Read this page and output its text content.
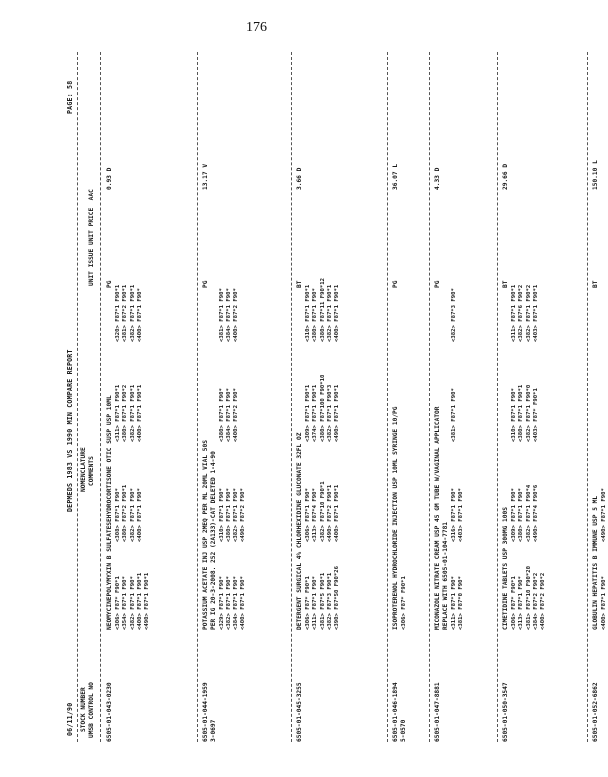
176
06/11/90
DEPMEDS 1983 VS 1990 MIN COMPARE REPORT
PAGE: 58
STOCK NUMBER UMSB CONTROL NO
NOMENCLATURE COMMENTS
UNIT ISSUE UNIT PRICE  AAC
6505-01-043-0230
NEOMYCINEPOLYMYXIN B SULFATESEHYDROCORTISONE OTIC SUSP USP 10ML
PG
0.93 D
<306> F87* F90*1
<354> F87*1 F90*
<382> F87*1 F90*
<400> F87*1 F90*1
<490> F87*1 F90*1
<308> F87*1 F90*
<380> F87*2 F90*1
<382> F87*1 F90*
<400> F87*1 F90*
<311> F87*1 F90*1
<380> F87*1 F90*2
<382> F87*1 F90*1
<400> F87*1 F90*1
<320> F87*1 F90*1
<381> F87*2 F90*1
<382> F87*1 F90*1
<400> F87*1 F90*
6505-01-044-1959
3-0697
POTASSIUM ACETATE INJ USP 2MEQ PER ML 20ML VIAL 50S
PER IG 20-3-2008. 252 (2A133)-CAT DELETED 1-4-90
PG
13.17 V
<329> F87*1 F90*
<382> F87*1 F90*
<384> F87*1 F90*
<400> F87*1 F90*
<310> F87*1 F90*
<380> F87*1 F90*
<382> F87*1 F90*
<490> F87*2 F90*
<380> F87*1 F90*
<384> F87*1 F90*
<400> F87*2 F90*
<381> F87*1 F90*
<384> F87*1 F90*
<400> F87*2 F90*
6505-01-045-3255
DETERGENT SURGICAL 4% CHLORHEXIDINE GLUCONATE 32FL OZ
BT
3.66 D
<306> F87* F90*1
<311> F87*1 F90*
<381> F87*5 F90*1
<382> F87*3 F90*1
<390> F87*50 F90*26
<306> F87*1 F90*
<313> F87*4 F90*
<382> F87*10 F90*1
<490> F87*2 F90*1
<400> F87*1 F90*1
<309> F87*1 F90*1
<374> F87*1 F90*1
<380> F87*100 F90*10
<382> F87*1 F90*3
<490> F87*1 F90*1
<310> F87*1 F90*1
<380> F87*1 F90*
<380> F87*11 F90*12
<382> F87*1 F90*1
<400> F87*1 F90*1
6505-01-046-1894
5-0570
ISOPROTERENOL HYDROCHLORIDE INJECTION USP 10ML SYRINGE 10/PG
PG
36.07 L
<306> F87* F90*1
6505-01-047-8881
MICONAZOLE NITRATE CREAM USP 45 GM TUBE W/VAGINAL APPLICATOR
REPLACE WITH 6505-01-104-7781
PG
4.33 D
<311> F87*1 F90*
<381> F87*0 F90*
<316> F87*1 F90*
<403> F87*1 F90*
<381> F87*1 F90*
<382> F87*3 F90*
6505-01-050-3547
CIMETIDINE TABLETS USP 300MG 100S
BT
29.66 D
<306> F87* F90*1
<313> F87*1 F90*
<381> F87*10 F90*20
<384> F87*2 F90*2
<400> F87*2 F90*2
<309> F87*1 F90*
<380> F87*1 F90*
<382> F87*1 F90*4
<490> F87*4 F90*6
<310> F87*1 F90*
<380> F87*1 F90*1
<382> F87*1 F90*0
<403> F87* F90*1
<311> F87*1 F90*1
<382> F87*6 F90*2
<382> F87*1 F90*2
<403> F87*1 F90*1
6505-01-052-6862
GLOBULIN HEPATITIS B IMMUNE USP 5 ML
BT
150.10 L
<400> F87*1 F90*
<490> F87*1 F90*
